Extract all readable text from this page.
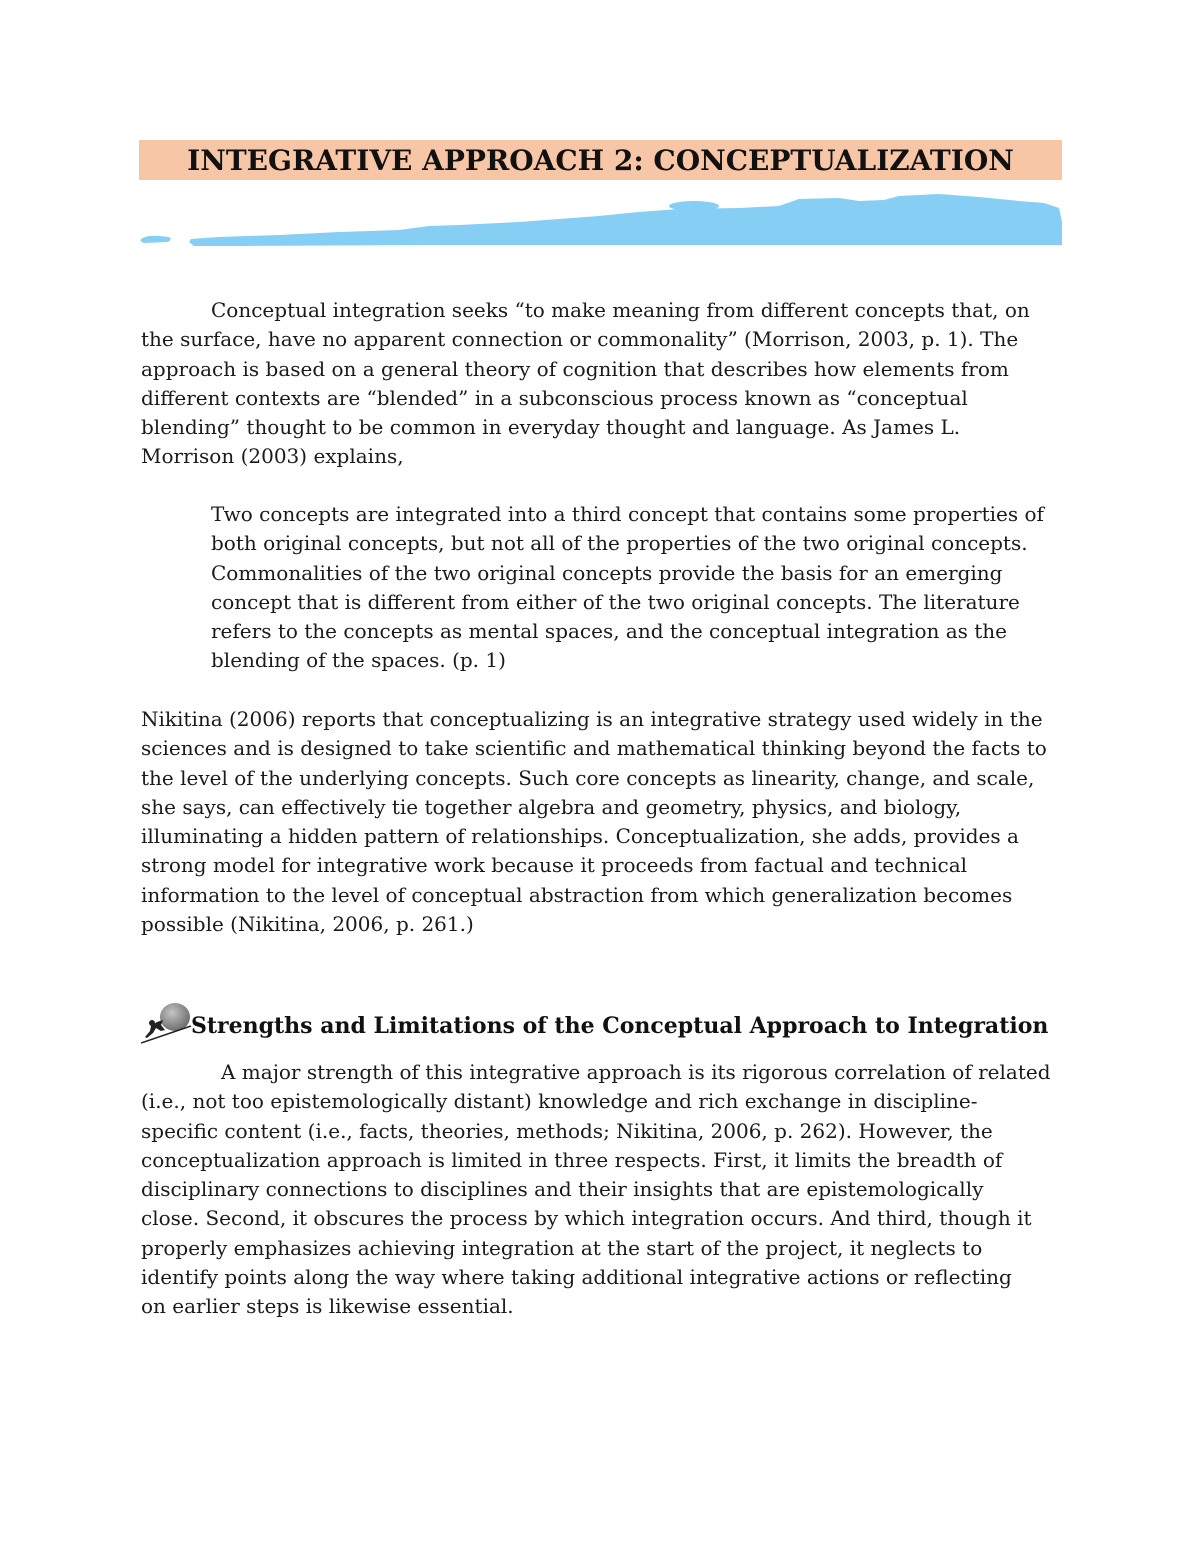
INTEGRATIVE APPROACH 2: CONCEPTUALIZATION

    Conceptual integration seeks “to make meaning from different concepts that, on
the surface, have no apparent connection or commonality” (Morrison, 2003, p. 1). The
approach is based on a general theory of cognition that describes how elements from
different contexts are “blended” in a subconscious process known as “conceptual
blending” thought to be common in everyday thought and language. As James L.
Morrison (2003) explains,

Two concepts are integrated into a third concept that contains some properties of
both original concepts, but not all of the properties of the two original concepts.
Commonalities of the two original concepts provide the basis for an emerging
concept that is different from either of the two original concepts. The literature
refers to the concepts as mental spaces, and the conceptual integration as the
blending of the spaces. (p. 1)

Nikitina (2006) reports that conceptualizing is an integrative strategy used widely in the
sciences and is designed to take scientific and mathematical thinking beyond the facts to
the level of the underlying concepts. Such core concepts as linearity, change, and scale,
she says, can effectively tie together algebra and geometry, physics, and biology,
illuminating a hidden pattern of relationships. Conceptualization, she adds, provides a
strong model for integrative work because it proceeds from factual and technical
information to the level of conceptual abstraction from which generalization becomes
possible (Nikitina, 2006, p. 261.)

Strengths and Limitations of the Conceptual Approach to Integration

    A major strength of this integrative approach is its rigorous correlation of related
(i.e., not too epistemologically distant) knowledge and rich exchange in discipline-
specific content (i.e., facts, theories, methods; Nikitina, 2006, p. 262). However, the
conceptualization approach is limited in three respects. First, it limits the breadth of
disciplinary connections to disciplines and their insights that are epistemologically
close. Second, it obscures the process by which integration occurs. And third, though it
properly emphasizes achieving integration at the start of the project, it neglects to
identify points along the way where taking additional integrative actions or reflecting
on earlier steps is likewise essential.
